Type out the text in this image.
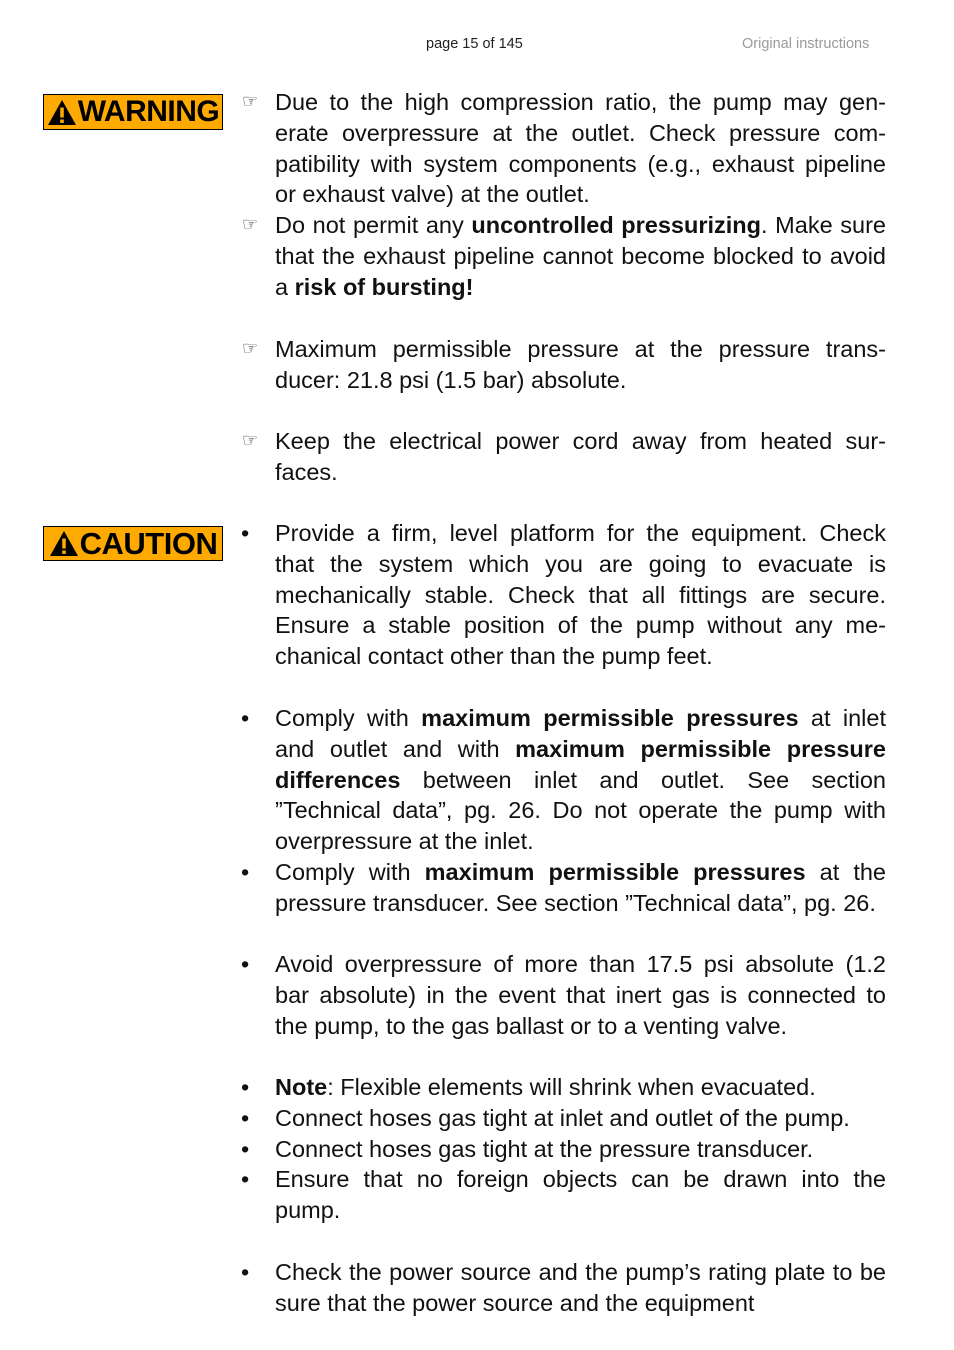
page 15 of 145	Original instructions
WARNING
CAUTION
☞ Due to the high compression ratio, the pump may generate overpressure at the outlet. Check pressure compatibility with system components (e.g., exhaust pipeline or exhaust valve) at the outlet.
☞ Do not permit any uncontrolled pressurizing. Make sure that the exhaust pipeline cannot become blocked to avoid a risk of bursting!
☞ Maximum permissible pressure at the pressure transducer: 21.8 psi (1.5 bar) absolute.
☞ Keep the electrical power cord away from heated surfaces.
•	Provide a firm, level platform for the equipment. Check that the system which you are going to evacuate is mechanically stable. Check that all fittings are secure. Ensure a stable position of the pump without any mechanical contact other than the pump feet.
•	Comply with maximum permissible pressures at inlet and outlet and with maximum permissible pressure differences between inlet and outlet. See section ”Technical data”, pg. 26. Do not operate the pump with overpressure at the inlet.
•	Comply with maximum permissible pressures at the pressure transducer. See section ”Technical data”, pg. 26.
•	Avoid overpressure of more than 17.5 psi absolute (1.2 bar absolute) in the event that inert gas is connected to the pump, to the gas ballast or to a venting valve.
•	Note: Flexible elements will shrink when evacuated.
•	Connect hoses gas tight at inlet and outlet of the pump.
•	Connect hoses gas tight at the pressure transducer.
•	Ensure that no foreign objects can be drawn into the pump.
•	Check the power source and the pump’s rating plate to be sure that the power source and the equipment
